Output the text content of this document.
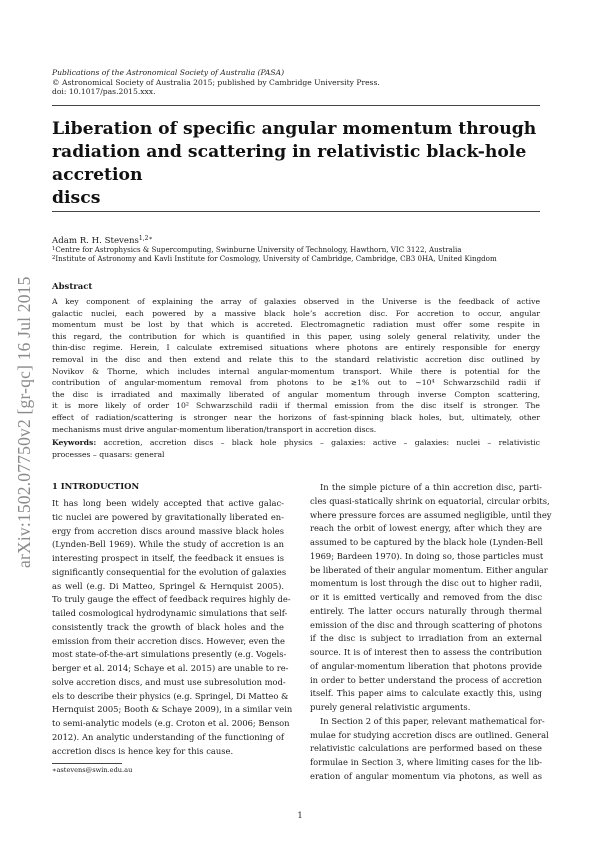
arXiv:1502.07750v2 [gr-qc] 16 Jul 2015
Publications of the Astronomical Society of Australia (PASA)
© Astronomical Society of Australia 2015; published by Cambridge University Press.
doi: 10.1017/pas.2015.xxx.
Liberation of specific angular momentum through
radiation and scattering in relativistic black-hole accretion
discs
Adam R. H. Stevens$^{1,2∗}$
$^1$Centre for Astrophysics & Supercomputing, Swinburne University of Technology, Hawthorn, VIC 3122, Australia
$^2$Institute of Astronomy and Kavli Institute for Cosmology, University of Cambridge, Cambridge, CB3 0HA, United Kingdom
Abstract
A key component of explaining the array of galaxies observed in the Universe is the feedback of active
galactic nuclei, each powered by a massive black hole’s accretion disc. For accretion to occur, angular
momentum must be lost by that which is accreted. Electromagnetic radiation must offer some respite in
this regard, the contribution for which is quantified in this paper, using solely general relativity, under the
thin-disc regime. Herein, I calculate extremised situations where photons are entirely responsible for energy
removal in the disc and then extend and relate this to the standard relativistic accretion disc outlined by
Novikov & Thorne, which includes internal angular-momentum transport. While there is potential for the
contribution of angular-momentum removal from photons to be ≳1% out to ∼10⁴ Schwarzschild radii if
the disc is irradiated and maximally liberated of angular momentum through inverse Compton scattering,
it is more likely of order 10² Schwarzschild radii if thermal emission from the disc itself is stronger. The
effect of radiation/scattering is stronger near the horizons of fast-spinning black holes, but, ultimately, other
mechanisms must drive angular-momentum liberation/transport in accretion discs.
Keywords: accretion, accretion discs – black hole physics – galaxies: active – galaxies: nuclei – relativistic
processes – quasars: general
1 INTRODUCTION
It has long been widely accepted that active galac-
tic nuclei are powered by gravitationally liberated en-
ergy from accretion discs around massive black holes
(Lynden-Bell 1969). While the study of accretion is an
interesting prospect in itself, the feedback it ensues is
significantly consequential for the evolution of galaxies
as well (e.g. Di Matteo, Springel & Hernquist 2005).
To truly gauge the effect of feedback requires highly de-
tailed cosmological hydrodynamic simulations that self-
consistently track the growth of black holes and the
emission from their accretion discs. However, even the
most state-of-the-art simulations presently (e.g. Vogels-
berger et al. 2014; Schaye et al. 2015) are unable to re-
solve accretion discs, and must use subresolution mod-
els to describe their physics (e.g. Springel, Di Matteo &
Hernquist 2005; Booth & Schaye 2009), in a similar vein
to semi-analytic models (e.g. Croton et al. 2006; Benson
2012). An analytic understanding of the functioning of
accretion discs is hence key for this cause.
In the simple picture of a thin accretion disc, parti-
cles quasi-statically shrink on equatorial, circular orbits,
where pressure forces are assumed negligible, until they
reach the orbit of lowest energy, after which they are
assumed to be captured by the black hole (Lynden-Bell
1969; Bardeen 1970). In doing so, those particles must
be liberated of their angular momentum. Either angular
momentum is lost through the disc out to higher radii,
or it is emitted vertically and removed from the disc
entirely. The latter occurs naturally through thermal
emission of the disc and through scattering of photons
if the disc is subject to irradiation from an external
source. It is of interest then to assess the contribution
of angular-momentum liberation that photons provide
in order to better understand the process of accretion
itself. This paper aims to calculate exactly this, using
purely general relativistic arguments.
In Section 2 of this paper, relevant mathematical for-
mulae for studying accretion discs are outlined. General
relativistic calculations are performed based on these
formulae in Section 3, where limiting cases for the lib-
eration of angular momentum via photons, as well as
∗astevens@swin.edu.au
1
